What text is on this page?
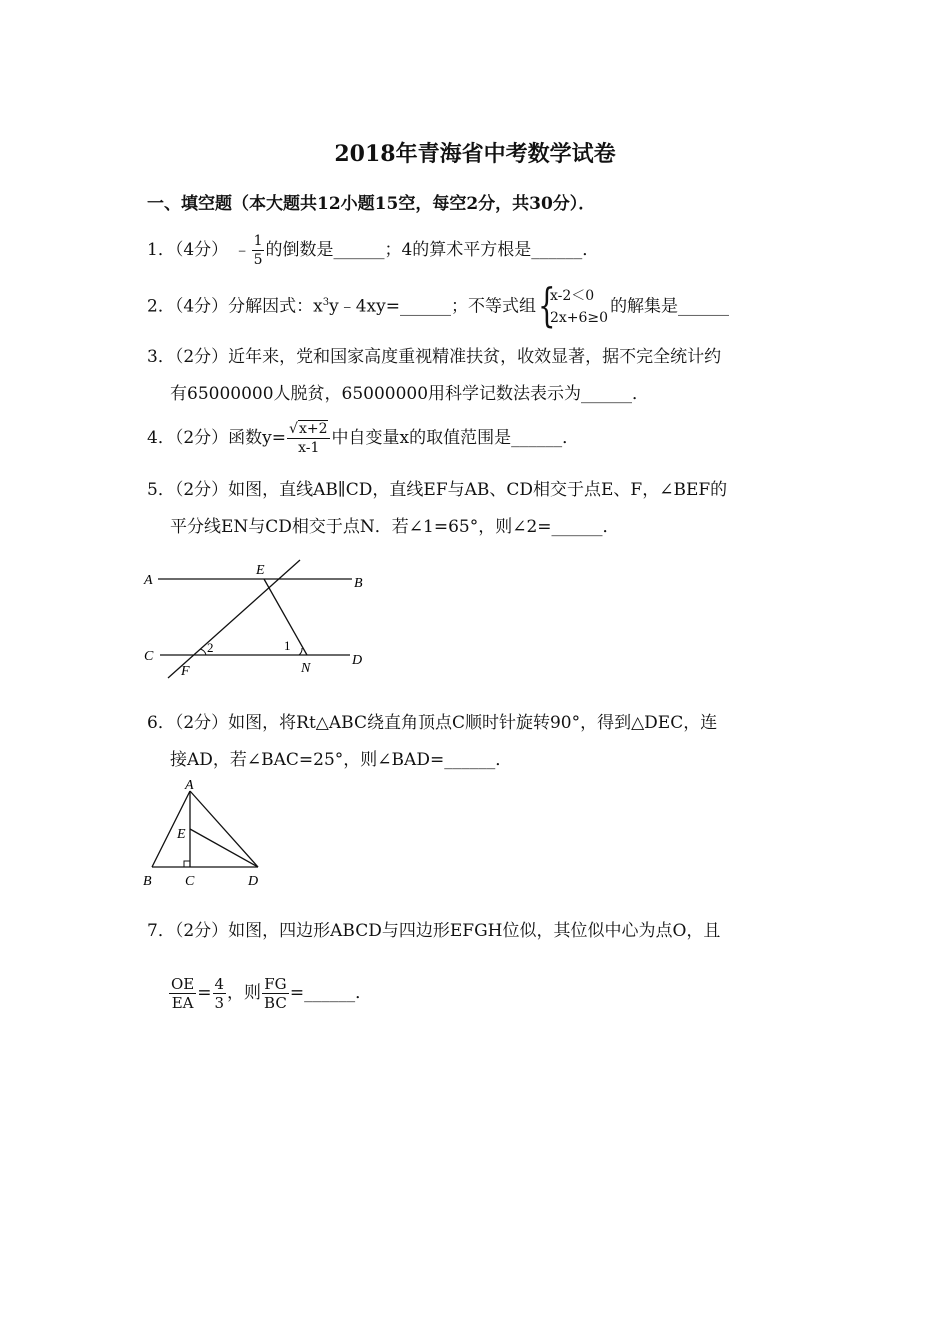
2018年青海省中考数学试卷
一、填空题（本大题共12小题15空，每空2分，共30分）．
1．（4分） ﹣ $\frac{1}{5}$ 的倒数是______；4的算术平方根是______．
2．（4分）分解因式：$x^3y﹣4xy=\_\_\_\_\_\_$；不等式组 {
x-2＜0
2x+6≥0
的解集是______
3．（2分）近年来，党和国家高度重视精准扶贫，收效显著，据不完全统计约
有65000000人脱贫，65000000用科学记数法表示为______．
4．（2分）函数$y= \frac{√x+2}{x-1}$ 中自变量x的取值范围是______．
5．（2分）如图，直线AB∥CD，直线EF与AB、CD相交于点E、F，∠BEF的
平分线EN与CD相交于点N．若∠1=65°，则∠2=______．
A	B
C	D
E
F	N
1
2
6．（2分）如图，将Rt△ABC绕直角顶点C顺时针旋转90°，得到△DEC，连
接AD，若∠BAC=25°，则∠BAD=______．
A
B C	D
E
7．（2分）如图，四边形ABCD与四边形EFGH位似，其位似中心为点O，且
$\frac{OE}{EA} = \frac{4}{3}$ ，则 $\frac{FG}{BC}$ =______．
